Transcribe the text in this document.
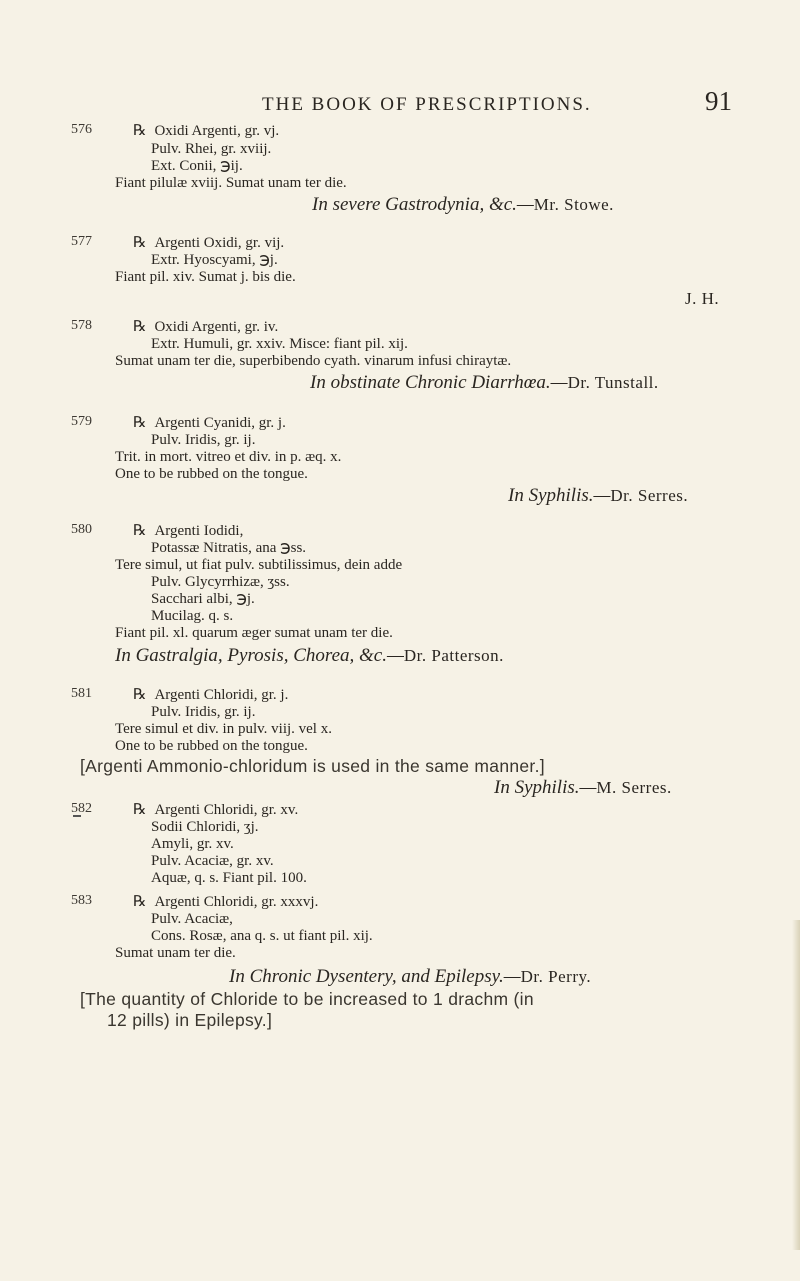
THE BOOK OF PRESCRIPTIONS.	91
576	℞ Oxidi Argenti, gr. vj.
Pulv. Rhei, gr. xviij.
Ext. Conii, ℈ij.
Fiant pilulæ xviij. Sumat unam ter die.
In severe Gastrodynia, &c.—Mr. Stowe.
577	℞ Argenti Oxidi, gr. vij.
Extr. Hyoscyami, ℈j.
Fiant pil. xiv. Sumat j. bis die.
J. H.
578	℞ Oxidi Argenti, gr. iv.
Extr. Humuli, gr. xxiv. Misce: fiant pil. xij.
Sumat unam ter die, superbibendo cyath. vinarum infusi chiraytæ.
In obstinate Chronic Diarrhœa.—Dr. Tunstall.
579	℞ Argenti Cyanidi, gr. j.
Pulv. Iridis, gr. ij.
Trit. in mort. vitreo et div. in p. æq. x.
One to be rubbed on the tongue.
In Syphilis.—Dr. Serres.
580	℞ Argenti Iodidi,
Potassæ Nitratis, ana ℈ss.
Tere simul, ut fiat pulv. subtilissimus, dein adde
Pulv. Glycyrrhizæ, ʒss.
Sacchari albi, ℈j.
Mucilag. q. s.
Fiant pil. xl. quarum æger sumat unam ter die.
In Gastralgia, Pyrosis, Chorea, &c.—Dr. Patterson.
581	℞ Argenti Chloridi, gr. j.
Pulv. Iridis, gr. ij.
Tere simul et div. in pulv. viij. vel x.
One to be rubbed on the tongue.
[Argenti Ammonio-chloridum is used in the same manner.]
In Syphilis.—M. Serres.
582	℞ Argenti Chloridi, gr. xv.
Sodii Chloridi, ʒj.
Amyli, gr. xv.
Pulv. Acaciæ, gr. xv.
Aquæ, q. s. Fiant pil. 100.
583	℞ Argenti Chloridi, gr. xxxvj.
Pulv. Acaciæ,
Cons. Rosæ, ana q. s. ut fiant pil. xij.
Sumat unam ter die.
In Chronic Dysentery, and Epilepsy.—Dr. Perry.
[The quantity of Chloride to be increased to 1 drachm (in
12 pills) in Epilepsy.]
